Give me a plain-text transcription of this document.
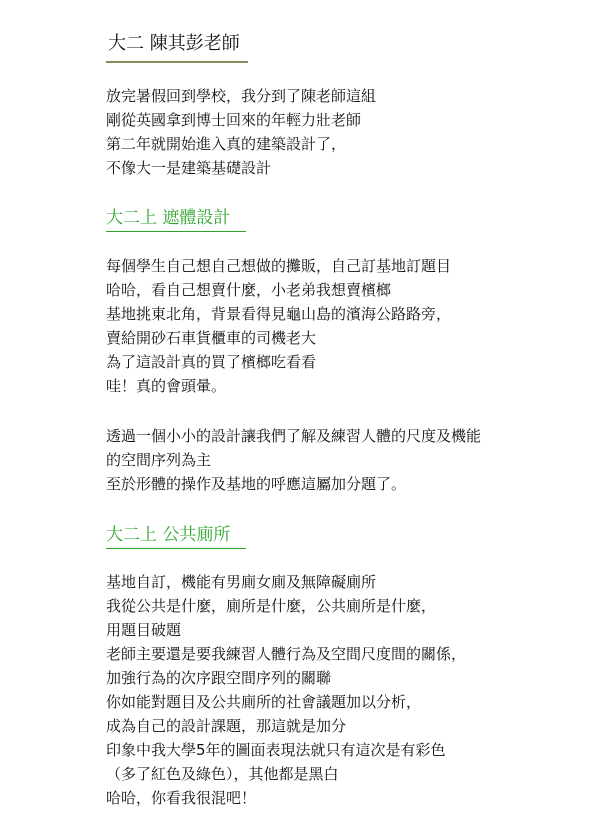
大二 陳其彭老師

放完暑假回到學校，我分到了陳老師這組
剛從英國拿到博士回來的年輕力壯老師
第二年就開始進入真的建築設計了，
不像大一是建築基礎設計

大二上 遮體設計

每個學生自己想自己想做的攤販，自己訂基地訂題目
哈哈，看自己想賣什麼，小老弟我想賣檳榔
基地挑東北角，背景看得見龜山島的濱海公路路旁，
賣給開砂石車貨櫃車的司機老大
為了這設計真的買了檳榔吃看看
哇！真的會頭暈。

透過一個小小的設計讓我們了解及練習人體的尺度及機能
的空間序列為主
至於形體的操作及基地的呼應這屬加分題了。

大二上 公共廁所

基地自訂，機能有男廁女廁及無障礙廁所
我從公共是什麼，廁所是什麼，公共廁所是什麼，
用題目破題
老師主要還是要我練習人體行為及空間尺度間的關係，
加強行為的次序跟空間序列的關聯
你如能對題目及公共廁所的社會議題加以分析，
成為自己的設計課題，那這就是加分
印象中我大學5年的圖面表現法就只有這次是有彩色
（多了紅色及綠色），其他都是黑白
哈哈，你看我很混吧！
